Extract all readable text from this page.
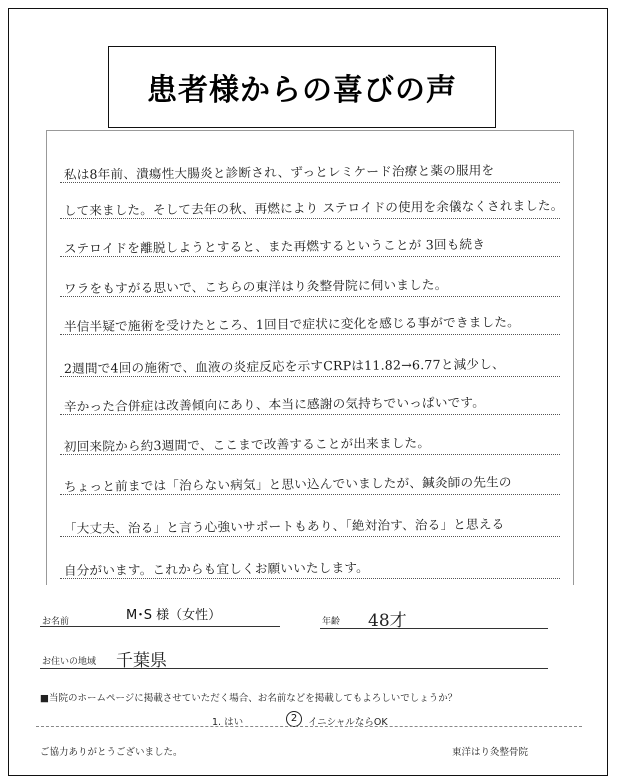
患者様からの喜びの声
私は8年前、潰瘍性大腸炎と診断され、ずっとレミケード治療と薬の服用を
して来ました。そして去年の秋、再燃により ステロイドの使用を余儀なくされました。
ステロイドを離脱しようとすると、また再燃するということが 3回も続き
ワラをもすがる思いで、こちらの東洋はり灸整骨院に伺いました。
半信半疑で施術を受けたところ、1回目で症状に変化を感じる事ができました。
2週間で4回の施術で、血液の炎症反応を示すCRPは11.82→6.77と減少し、
辛かった合併症は改善傾向にあり、本当に感謝の気持ちでいっぱいです。
初回来院から約3週間で、ここまで改善することが出来ました。
ちょっと前までは「治らない病気」と思い込んでいましたが、鍼灸師の先生の
「大丈夫、治る」と言う心強いサポートもあり、「絶対治す、治る」と思える
自分がいます。これからも宜しくお願いいたします。
お名前	M･S 様（女性）	年齢 48才
お住いの地域 千葉県
■当院のホームページに掲載させていただく場合、お名前などを掲載してもよろしいでしょうか？
1. はい	2	イニシャルならOK
ご協力ありがとうございました。	東洋はり灸整骨院
